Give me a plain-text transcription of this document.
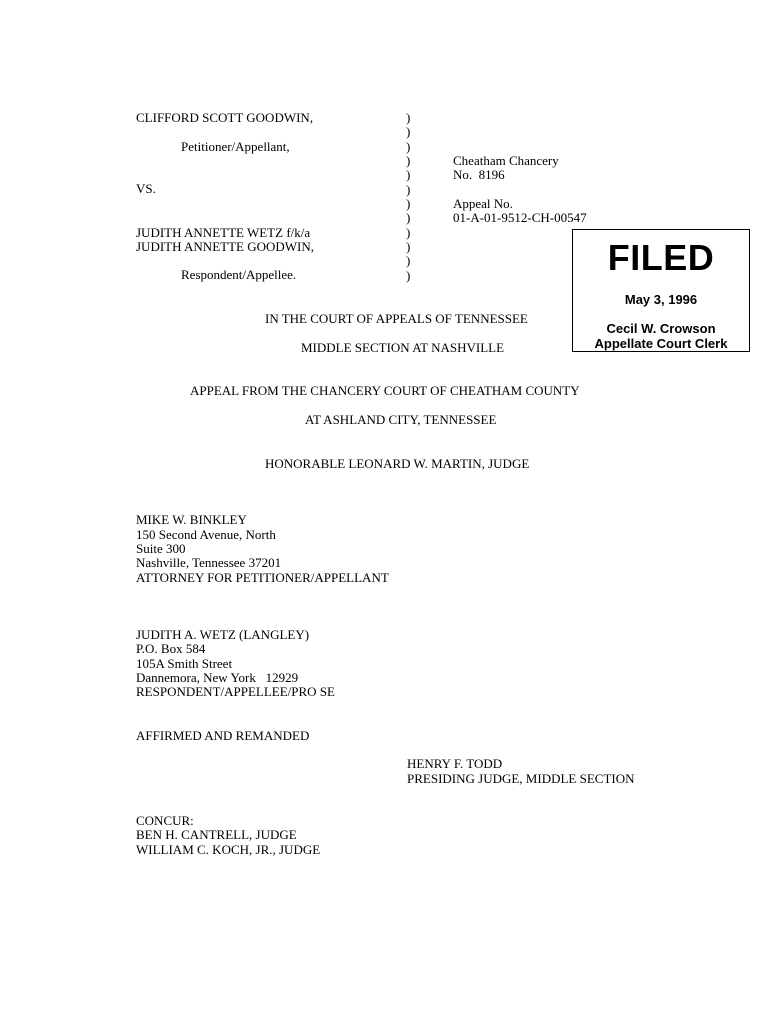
CLIFFORD SCOTT GOODWIN,
Petitioner/Appellant,
VS.
JUDITH ANNETTE WETZ f/k/a
JUDITH ANNETTE GOODWIN,
Respondent/Appellee.
)
)
)
)
)
)
)
)
)
)
)
)
Cheatham Chancery
No.  8196
Appeal No.
01-A-01-9512-CH-00547
FILED
May 3, 1996
Cecil W. Crowson
Appellate Court Clerk
IN THE COURT OF APPEALS OF TENNESSEE
MIDDLE SECTION AT NASHVILLE
APPEAL FROM THE CHANCERY COURT OF CHEATHAM COUNTY
AT ASHLAND CITY, TENNESSEE
HONORABLE LEONARD W. MARTIN, JUDGE
MIKE W. BINKLEY
150 Second Avenue, North
Suite 300
Nashville, Tennessee 37201
ATTORNEY FOR PETITIONER/APPELLANT
JUDITH A. WETZ (LANGLEY)
P.O. Box 584
105A Smith Street
Dannemora, New York   12929
RESPONDENT/APPELLEE/PRO SE
AFFIRMED AND REMANDED
HENRY F. TODD
PRESIDING JUDGE, MIDDLE SECTION
CONCUR:
BEN H. CANTRELL, JUDGE
WILLIAM C. KOCH, JR., JUDGE
